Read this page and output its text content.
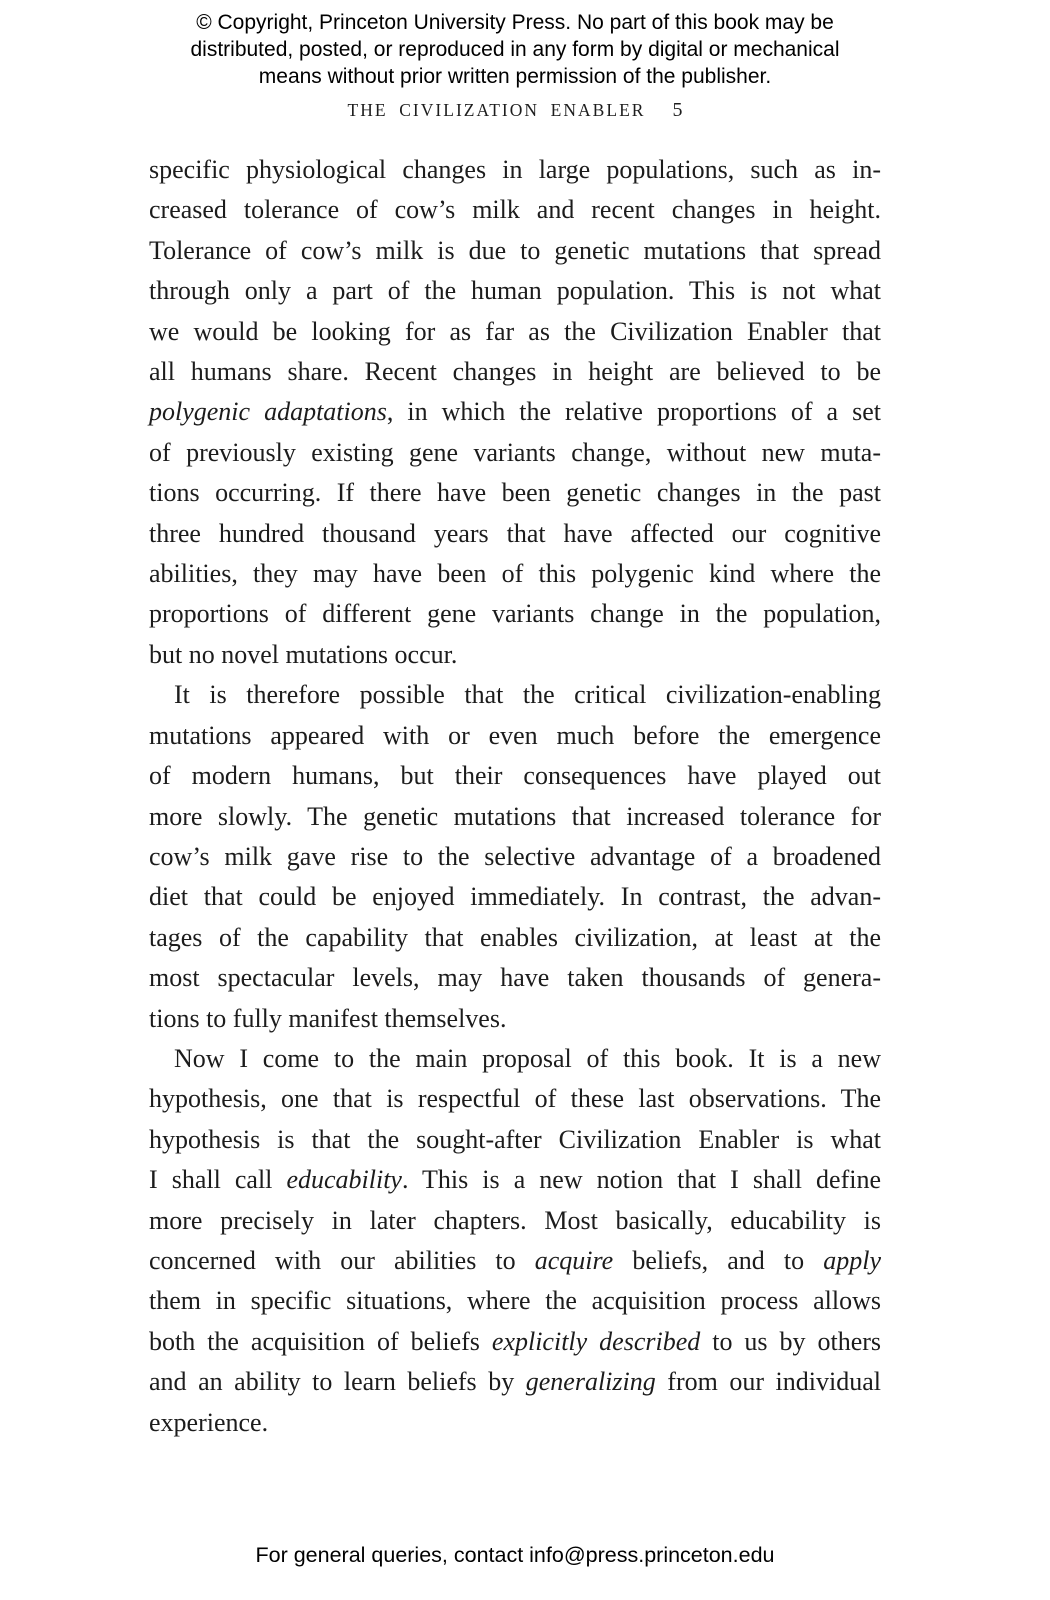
© Copyright, Princeton University Press. No part of this book may be
distributed, posted, or reproduced in any form by digital or mechanical
means without prior written permission of the publisher.
THE CIVILIZATION ENABLER 5
specific physiological changes in large populations, such as in-
creased tolerance of cow’s milk and recent changes in height.
Tolerance of cow’s milk is due to genetic mutations that spread
through only a part of the human population. This is not what
we would be looking for as far as the Civilization Enabler that
all humans share. Recent changes in height are believed to be
polygenic adaptations, in which the relative proportions of a set
of previously existing gene variants change, without new muta-
tions occurring. If there have been genetic changes in the past
three hundred thousand years that have affected our cognitive
abilities, they may have been of this polygenic kind where the
proportions of different gene variants change in the population,
but no novel mutations occur.
It is therefore possible that the critical civilization-enabling
mutations appeared with or even much before the emergence
of modern humans, but their consequences have played out
more slowly. The genetic mutations that increased tolerance for
cow’s milk gave rise to the selective advantage of a broadened
diet that could be enjoyed immediately. In contrast, the advan-
tages of the capability that enables civilization, at least at the
most spectacular levels, may have taken thousands of genera-
tions to fully manifest themselves.
Now I come to the main proposal of this book. It is a new
hypothesis, one that is respectful of these last observations. The
hypothesis is that the sought-after Civilization Enabler is what
I shall call educability. This is a new notion that I shall define
more precisely in later chapters. Most basically, educability is
concerned with our abilities to acquire beliefs, and to apply
them in specific situations, where the acquisition process allows
both the acquisition of beliefs explicitly described to us by others
and an ability to learn beliefs by generalizing from our individual
experience.
For general queries, contact info@press.princeton.edu
